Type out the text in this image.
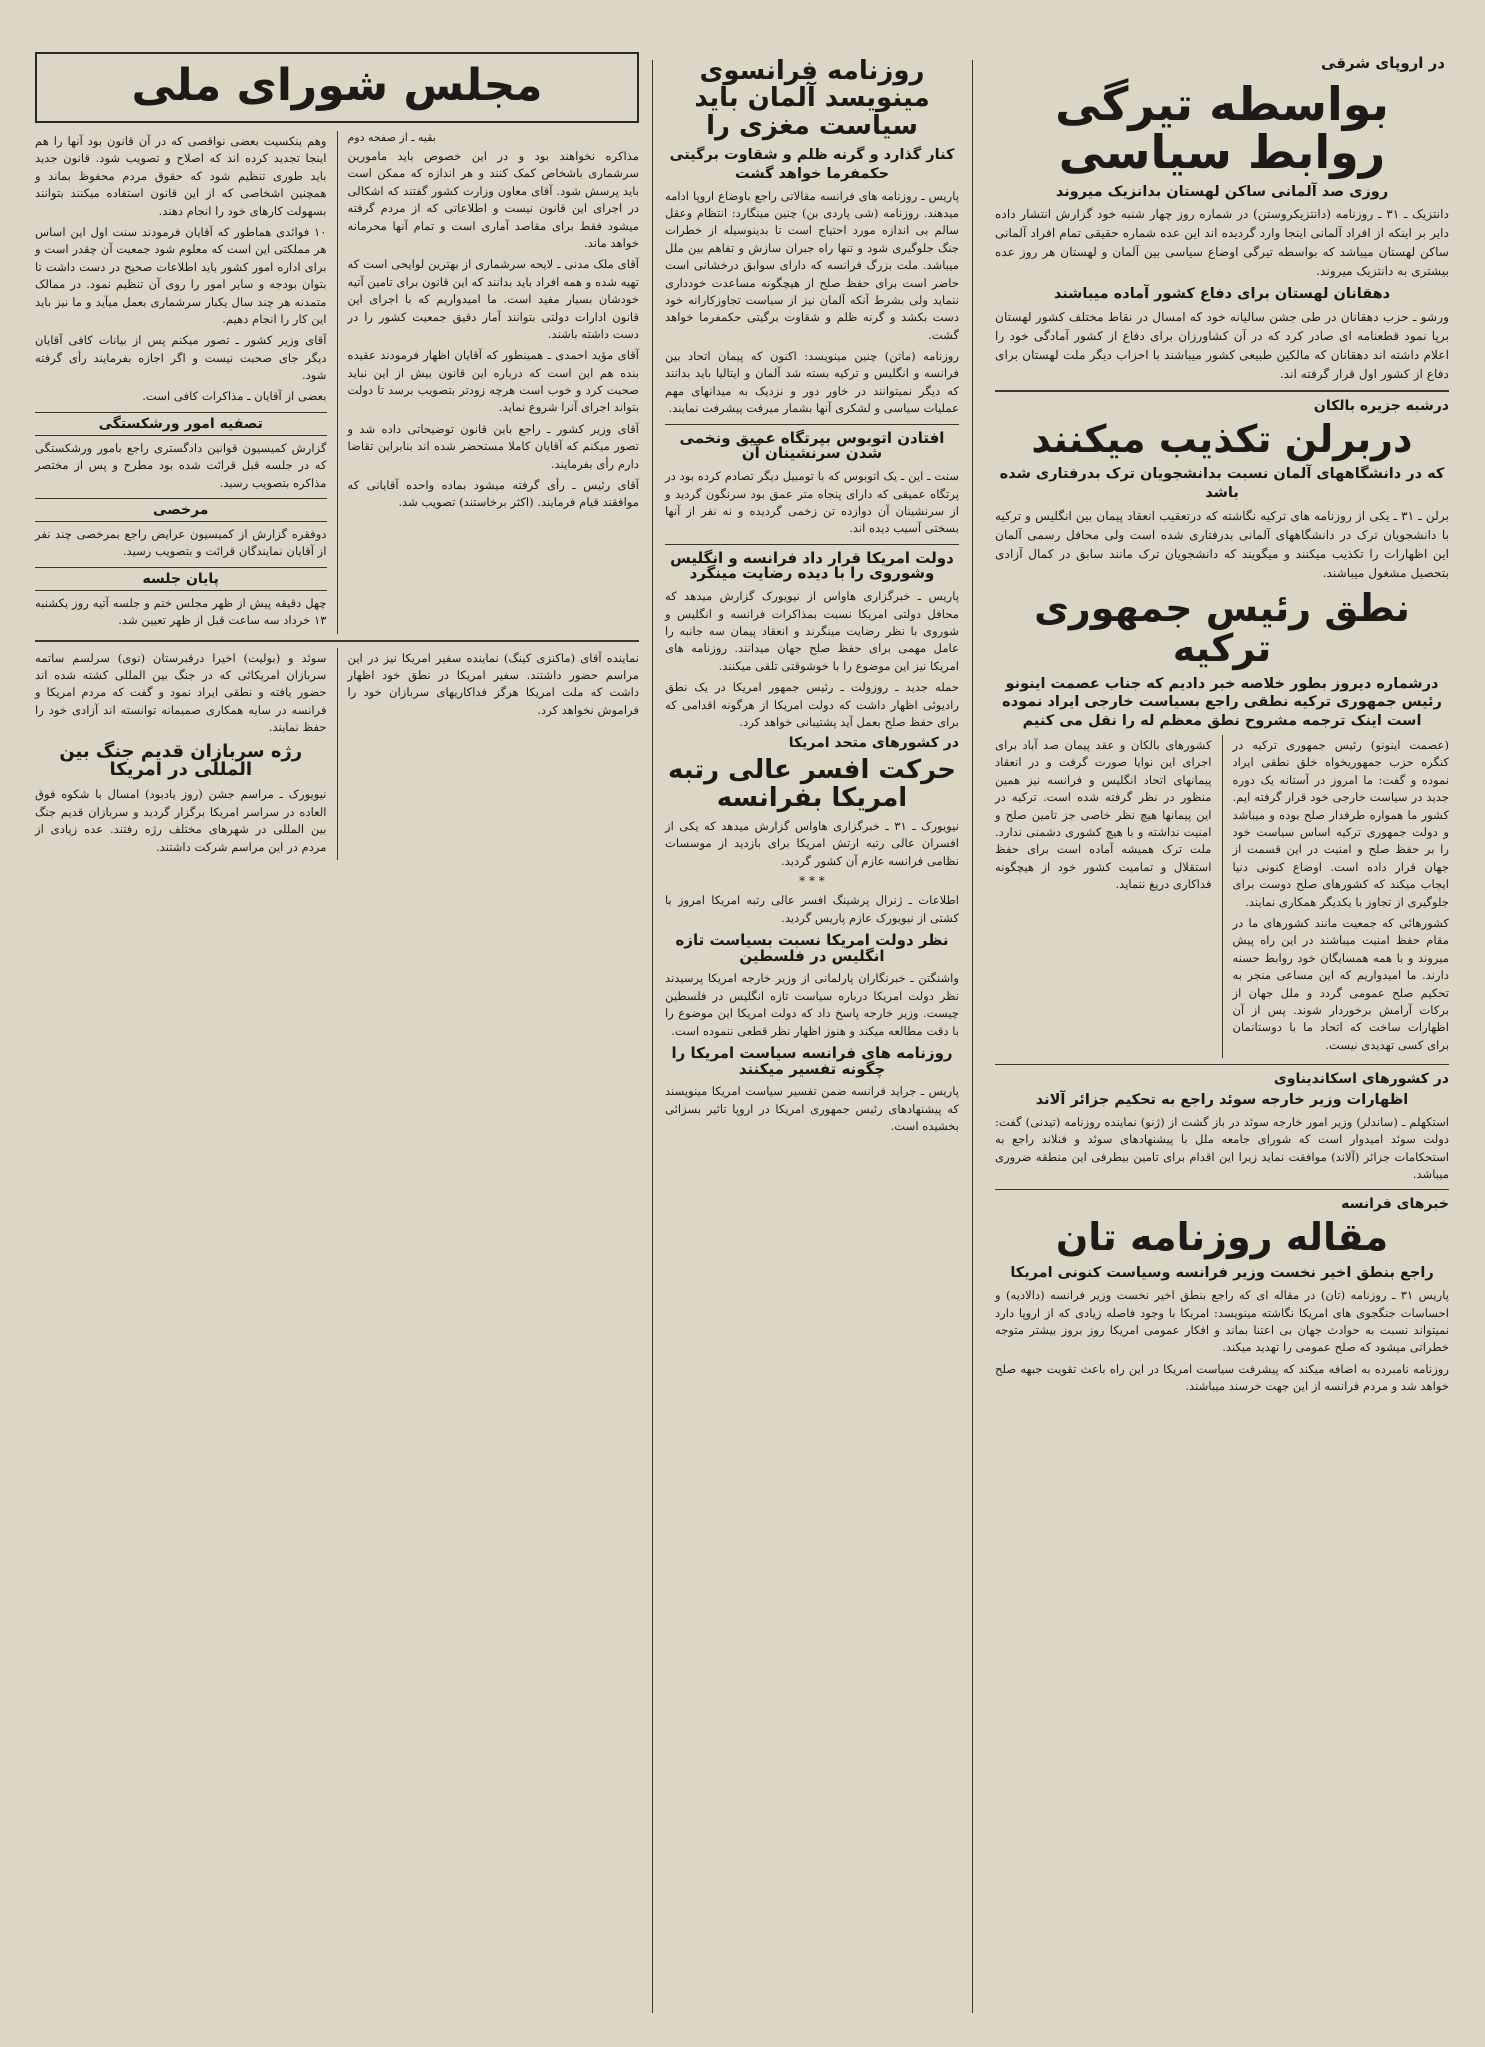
در اروپای شرقی
بواسطه تیرگی روابط سیاسی
روزی صد آلمانی ساکن لهستان بدانزیک میروند
دانتزیک ـ ۳۱ ـ روزنامه (دانتزیکروستن) در شماره روز چهار شنبه خود گزارش انتشار داده دایر بر اینکه از افراد آلمانی اینجا وارد گردیده اند این عده شماره حقیقی تمام افراد آلمانی ساکن لهستان میباشد که بواسطه تیرگی اوضاع سیاسی بین آلمان و لهستان هر روز عده بیشتری به دانتزیک میروند.
دهقانان لهستان برای دفاع کشور آماده میباشند
ورشو ـ حزب دهقانان در طی جشن سالیانه خود که امسال در نقاط مختلف کشور لهستان برپا نمود قطعنامه ای صادر کرد که در آن کشاورزان برای دفاع از کشور آمادگی خود را اعلام داشته اند دهقانان که مالکین طبیعی کشور میباشند با احزاب دیگر ملت لهستان برای دفاع از کشور اول قرار گرفته اند.
درشبه جزیره بالکان
دربرلن تکذیب میکنند
که در دانشگاههای آلمان نسبت بدانشجویان ترک بدرفتاری شده باشد
برلن ـ ۳۱ ـ یکی از روزنامه های ترکیه نگاشته که درتعقیب انعقاد پیمان بین انگلیس و ترکیه با دانشجویان ترک در دانشگاههای آلمانی بدرفتاری شده است ولی محافل رسمی آلمان این اظهارات را تکذیب میکنند و میگویند که دانشجویان ترک مانند سابق در کمال آزادی بتحصیل مشغول میباشند.
نطق رئیس جمهوری ترکیه
درشماره دیروز بطور خلاصه خبر دادیم که جناب عصمت اینونو رئیس جمهوری ترکیه نطقی راجع بسیاست خارجی ایراد نموده است اینک ترجمه مشروح نطق معظم له را نقل می کنیم
(عصمت اینونو) رئیس جمهوری ترکیه در کنگره حزب جمهوریخواه خلق نطقی ایراد نموده و گفت: ما امروز در آستانه یک دوره جدید در سیاست خارجی خود قرار گرفته ایم. کشور ما همواره طرفدار صلح بوده و میباشد و دولت جمهوری ترکیه اساس سیاست خود را بر حفظ صلح و امنیت در این قسمت از جهان قرار داده است. اوضاع کنونی دنیا ایجاب میکند که کشورهای صلح دوست برای جلوگیری از تجاوز با یکدیگر همکاری نمایند.
کشورهائی که جمعیت مانند کشورهای ما در مقام حفظ امنیت میباشند در این راه پیش میروند و با همه همسایگان خود روابط حسنه دارند. ما امیدواریم که این مساعی منجر به تحکیم صلح عمومی گردد و ملل جهان از برکات آرامش برخوردار شوند. پس از آن اظهارات ساخت که اتحاد ما با دوستانمان برای کسی تهدیدی نیست.
کشورهای بالکان و عقد پیمان صد آباد برای اجرای این نوایا صورت گرفت و در انعقاد پیمانهای اتحاد انگلیس و فرانسه نیز همین منظور در نظر گرفته شده است. ترکیه در این پیمانها هیچ نظر خاصی جز تامین صلح و امنیت نداشته و با هیچ کشوری دشمنی ندارد. ملت ترک همیشه آماده است برای حفظ استقلال و تمامیت کشور خود از هیچگونه فداکاری دریغ ننماید.
در کشورهای اسکاندیناوی
اظهارات وزیر خارجه سوئد راجع به تحکیم جزائر آلاند
استکهلم ـ (ساندلر) وزیر امور خارجه سوئد در باز گشت از (ژنو) نماینده روزنامه (تیدنی) گفت: دولت سوئد امیدوار است که شورای جامعه ملل با پیشنهادهای سوئد و فنلاند راجع به استحکامات جزائر (آلاند) موافقت نماید زیرا این اقدام برای تامین بیطرفی این منطقه ضروری میباشد.
خبرهای فرانسه
مقاله روزنامه تان
راجع بنطق اخیر نخست وزیر فرانسه وسیاست کنونی امریکا
پاریس ۳۱ ـ روزنامه (تان) در مقاله ای که راجع بنطق اخیر نخست وزیر فرانسه (دالادیه) و احساسات جنگجوی های امریکا نگاشته مینویسد: امریکا با وجود فاصله زیادی که از اروپا دارد نمیتواند نسبت به حوادث جهان بی اعتنا بماند و افکار عمومی امریکا روز بروز بیشتر متوجه خطراتی میشود که صلح عمومی را تهدید میکند.
روزنامه نامبرده به اضافه میکند که پیشرفت سیاست امریکا در این راه باعث تقویت جبهه صلح خواهد شد و مردم فرانسه از این جهت خرسند میباشند.
روزنامه فرانسوی مینویسد آلمان باید سیاست مغزی را
کنار گذارد و گرنه ظلم و شقاوت برگیتی حکمفرما خواهد گشت
پاریس ـ روزنامه های فرانسه مقالاتی راجع باوضاع اروپا ادامه میدهند. روزنامه (شی پاردی بن) چنین مینگارد: انتظام وعقل سالم بی اندازه مورد احتیاج است تا بدینوسیله از خطرات جنگ جلوگیری شود و تنها راه جبران سازش و تفاهم بین ملل میباشد. ملت بزرگ فرانسه که دارای سوابق درخشانی است حاضر است برای حفظ صلح از هیچگونه مساعدت خودداری ننماید ولی بشرط آنکه آلمان نیز از سیاست تجاوزکارانه خود دست بکشد و گرنه ظلم و شقاوت برگیتی حکمفرما خواهد گشت.
روزنامه (ماتن) چنین مینویسد: اکنون که پیمان اتحاد بین فرانسه و انگلیس و ترکیه بسته شد آلمان و ایتالیا باید بدانند که دیگر نمیتوانند در خاور دور و نزدیک به میدانهای مهم عملیات سیاسی و لشکری آنها بشمار میرفت پیشرفت نمایند.
افتادن اتوبوس بپرتگاه عمیق ونخمی شدن سرنشینان آن
سنت ـ این ـ یک اتوبوس که با تومبیل دیگر تصادم کرده بود در پرتگاه عمیقی که دارای پنجاه متر عمق بود سرنگون گردید و از سرنشینان آن دوازده تن زخمی گردیده و نه نفر از آنها بسختی آسیب دیده اند.
دولت امریکا قرار داد فرانسه و انگلیس وشوروی را با دیده رضایت مینگرد
پاریس ـ خبرگزاری هاواس از نیویورک گزارش میدهد که محافل دولتی امریکا نسبت بمذاکرات فرانسه و انگلیس و شوروی با نظر رضایت مینگرند و انعقاد پیمان سه جانبه را عامل مهمی برای حفظ صلح جهان میدانند. روزنامه های امریکا نیز این موضوع را با خوشوقتی تلقی میکنند.
حمله جدید ـ روزولت ـ رئیس جمهور امریکا در یک نطق رادیوئی اظهار داشت که دولت امریکا از هرگونه اقدامی که برای حفظ صلح بعمل آید پشتیبانی خواهد کرد.
در کشورهای متحد امریکا
حرکت افسر عالی رتبه امریکا بفرانسه
نیویورک ـ ۳۱ ـ خبرگزاری هاواس گزارش میدهد که یکی از افسران عالی رتبه ارتش امریکا برای بازدید از موسسات نظامی فرانسه عازم آن کشور گردید.
* * *
اطلاعات ـ ژنرال پرشینگ افسر عالی رتبه امریکا امروز با کشتی از نیویورک عازم پاریس گردید.
نظر دولت امریکا نسبت بسیاست تازه انگلیس در فلسطین
واشنگتن ـ خبرنگاران پارلمانی از وزیر خارجه امریکا پرسیدند نظر دولت امریکا درباره سیاست تازه انگلیس در فلسطین چیست. وزیر خارجه پاسخ داد که دولت امریکا این موضوع را با دقت مطالعه میکند و هنوز اظهار نظر قطعی ننموده است.
روزنامه های فرانسه سیاست امریکا را چگونه تفسیر میکنند
پاریس ـ جراید فرانسه ضمن تفسیر سیاست امریکا مینویسند که پیشنهادهای رئیس جمهوری امریکا در اروپا تاثیر بسزائی بخشیده است.
مجلس شورای ملی
بقیه ـ از صفحه دوم
مذاکره نخواهند بود و در این خصوص باید مامورین سرشماری باشخاص کمک کنند و هر اندازه که ممکن است باید پرسش شود. آقای معاون وزارت کشور گفتند که اشکالی در اجرای این قانون نیست و اطلاعاتی که از مردم گرفته میشود فقط برای مقاصد آماری است و تمام آنها محرمانه خواهد ماند.
آقای ملک مدنی ـ لایحه سرشماری از بهترین لوایحی است که تهیه شده و همه افراد باید بدانند که این قانون برای تامین آتیه خودشان بسیار مفید است. ما امیدواریم که با اجرای این قانون ادارات دولتی بتوانند آمار دقیق جمعیت کشور را در دست داشته باشند.
آقای مؤید احمدی ـ همینطور که آقایان اظهار فرمودند عقیده بنده هم این است که درباره این قانون بیش از این نباید صحبت کرد و خوب است هرچه زودتر بتصویب برسد تا دولت بتواند اجرای آنرا شروع نماید.
آقای وزیر کشور ـ راجع باین قانون توضیحاتی داده شد و تصور میکنم که آقایان کاملا مستحضر شده اند بنابراین تقاضا دارم رأی بفرمایند.
آقای رئیس ـ رأی گرفته میشود بماده واحده آقایانی که موافقند قیام فرمایند. (اکثر برخاستند) تصویب شد.
وهم ینکسیت بعضی نواقصی که در آن قانون بود آنها را هم اینجا تجدید کرده اند که اصلاح و تصویب شود. قانون جدید باید طوری تنظیم شود که حقوق مردم محفوظ بماند و همچنین اشخاصی که از این قانون استفاده میکنند بتوانند بسهولت کارهای خود را انجام دهند.
۱۰ فوائدی هماطور که آقایان فرمودند سنت اول این اساس هر مملکتی این است که معلوم شود جمعیت آن چقدر است و برای اداره امور کشور باید اطلاعات صحیح در دست داشت تا بتوان بودجه و سایر امور را روی آن تنظیم نمود. در ممالک متمدنه هر چند سال یکبار سرشماری بعمل میآید و ما نیز باید این کار را انجام دهیم.
آقای وزیر کشور ـ تصور میکنم پس از بیانات کافی آقایان دیگر جای صحبت نیست و اگر اجازه بفرمایند رأی گرفته شود.
بعضی از آقایان ـ مذاکرات کافی است.
تصفیه امور ورشکستگی
گزارش کمیسیون قوانین دادگستری راجع بامور ورشکستگی که در جلسه قبل قرائت شده بود مطرح و پس از مختصر مذاکره بتصویب رسید.
مرخصی
دوفقره گزارش از کمیسیون عرایض راجع بمرخصی چند نفر از آقایان نمایندگان قرائت و بتصویب رسید.
پایان جلسه
چهل دقیقه پیش از ظهر مجلس ختم و جلسه آتیه روز یکشنبه ۱۳ خرداد سه ساعت قبل از ظهر تعیین شد.
نماینده آقای (ماکنزی کینگ) نماینده سفیر امریکا نیز در این مراسم حضور داشتند. سفیر امریکا در نطق خود اظهار داشت که ملت امریکا هرگز فداکاریهای سربازان خود را فراموش نخواهد کرد.
سوئد و (بولیت) اخیرا درقبرستان (نوی) سرلسم ساتمه سربازان امریکائی که در جنگ بین المللی کشته شده اند حضور یافته و نطقی ایراد نمود و گفت که مردم امریکا و فرانسه در سایه همکاری صمیمانه توانسته اند آزادی خود را حفظ نمایند.
رژه سربازان قدیم جنگ بین المللی در امریکا
نیویورک ـ مراسم جشن (روز یادبود) امسال با شکوه فوق العاده در سراسر امریکا برگزار گردید و سربازان قدیم جنگ بین المللی در شهرهای مختلف رژه رفتند. عده زیادی از مردم در این مراسم شرکت داشتند.
